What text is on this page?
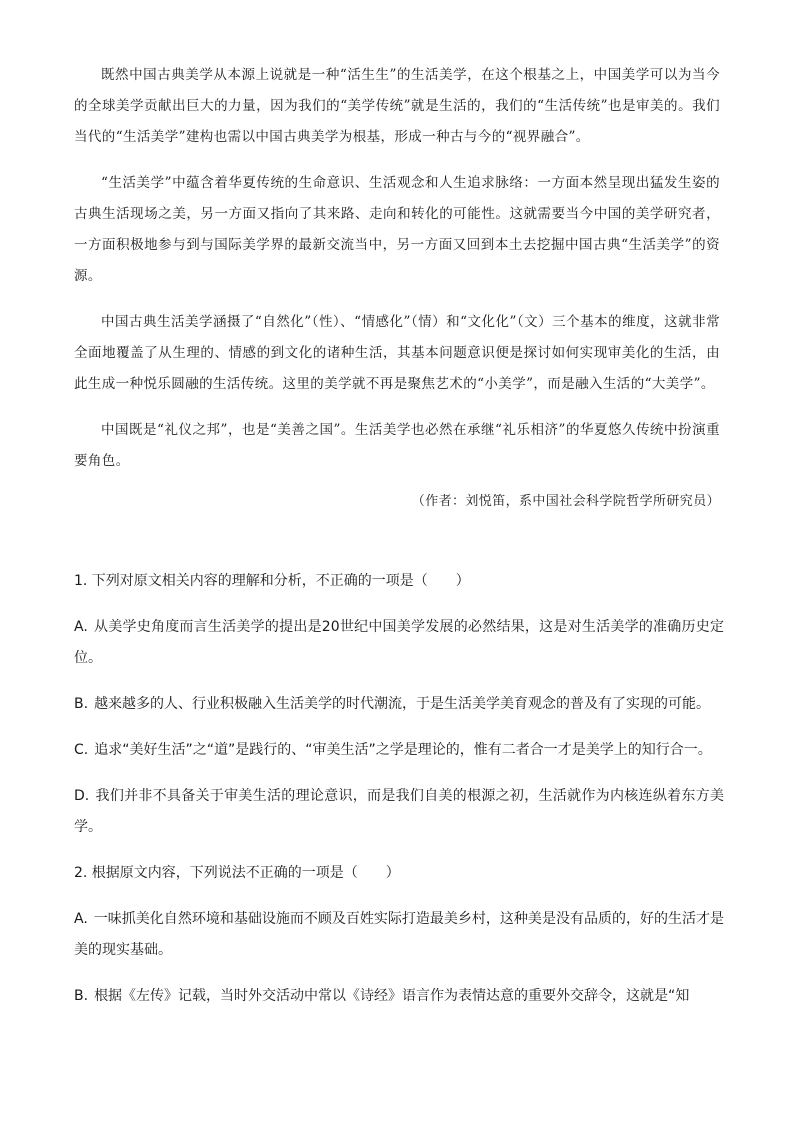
既然中国古典美学从本源上说就是一种“活生生”的生活美学，在这个根基之上，中国美学可以为当今的全球美学贡献出巨大的力量，因为我们的“美学传统”就是生活的，我们的“生活传统”也是审美的。我们当代的“生活美学”建构也需以中国古典美学为根基，形成一种古与今的“视界融合”。

“生活美学”中蕴含着华夏传统的生命意识、生活观念和人生追求脉络：一方面本然呈现出猛发生姿的古典生活现场之美，另一方面又指向了其来路、走向和转化的可能性。这就需要当今中国的美学研究者，一方面积极地参与到与国际美学界的最新交流当中，另一方面又回到本土去挖掘中国古典“生活美学”的资源。

中国古典生活美学涵摄了“自然化”（性）、“情感化”（情）和“文化化”（文）三个基本的维度，这就非常全面地覆盖了从生理的、情感的到文化的诸种生活，其基本问题意识便是探讨如何实现审美化的生活，由此生成一种悦乐圆融的生活传统。这里的美学就不再是聚焦艺术的“小美学”，而是融入生活的“大美学”。

中国既是“礼仪之邦”，也是“美善之国”。生活美学也必然在承继“礼乐相济”的华夏悠久传统中扮演重要角色。

（作者：刘悦笛，系中国社会科学院哲学所研究员）

1. 下列对原文相关内容的理解和分析，不正确的一项是（　　）
A. 从美学史角度而言生活美学的提出是20世纪中国美学发展的必然结果，这是对生活美学的准确历史定位。
B. 越来越多的人、行业积极融入生活美学的时代潮流，于是生活美学美育观念的普及有了实现的可能。
C. 追求“美好生活”之“道”是践行的、“审美生活”之学是理论的，惟有二者合一才是美学上的知行合一。
D. 我们并非不具备关于审美生活的理论意识，而是我们自美的根源之初，生活就作为内核连纵着东方美学。
2. 根据原文内容，下列说法不正确的一项是（　　）
A. 一味抓美化自然环境和基础设施而不顾及百姓实际打造最美乡村，这种美是没有品质的，好的生活才是美的现实基础。
B. 根据《左传》记载，当时外交活动中常以《诗经》语言作为表情达意的重要外交辞令，这就是“知
